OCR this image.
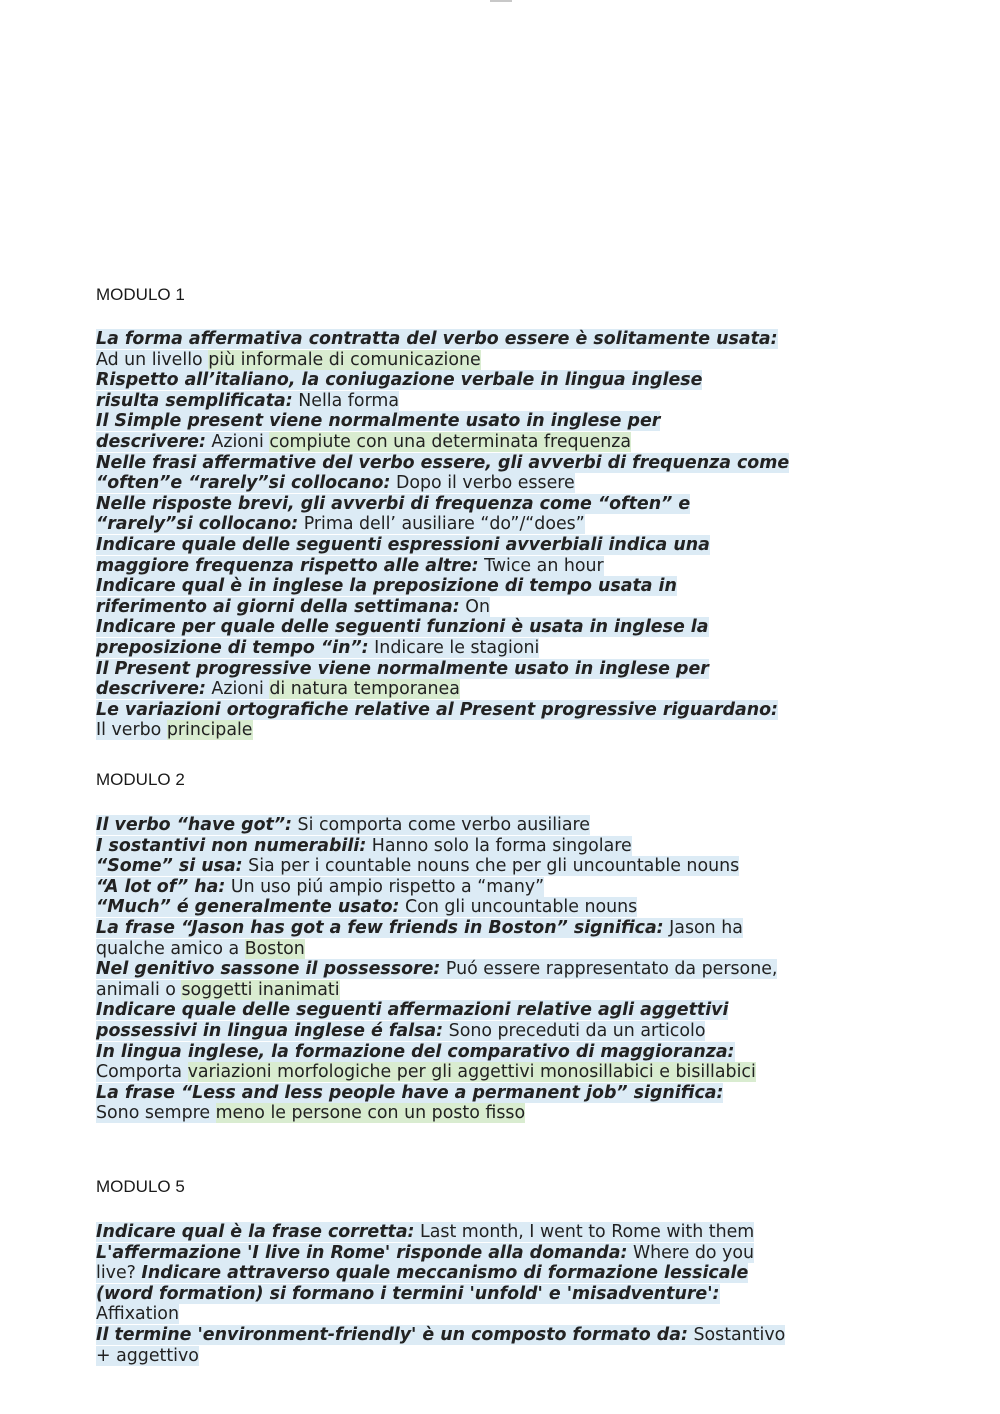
MODULO 1
La forma affermativa contratta del verbo essere è solitamente usata:
Ad un livello più informale di comunicazione
Rispetto all’italiano, la coniugazione verbale in lingua inglese
risulta semplificata: Nella forma
Il Simple present viene normalmente usato in inglese per
descrivere: Azioni compiute con una determinata frequenza
Nelle frasi affermative del verbo essere, gli avverbi di frequenza come
“often”e “rarely”si collocano: Dopo il verbo essere
Nelle risposte brevi, gli avverbi di frequenza come “often” e
“rarely”si collocano: Prima dell’ ausiliare “do”/“does”
Indicare quale delle seguenti espressioni avverbiali indica una
maggiore frequenza rispetto alle altre: Twice an hour
Indicare qual è in inglese la preposizione di tempo usata in
riferimento ai giorni della settimana: On
Indicare per quale delle seguenti funzioni è usata in inglese la
preposizione di tempo “in”: Indicare le stagioni
Il Present progressive viene normalmente usato in inglese per
descrivere: Azioni di natura temporanea
Le variazioni ortografiche relative al Present progressive riguardano:
Il verbo principale
MODULO 2
Il verbo “have got”: Si comporta come verbo ausiliare
I sostantivi non numerabili: Hanno solo la forma singolare
“Some” si usa: Sia per i countable nouns che per gli uncountable nouns
“A lot of” ha: Un uso piú ampio rispetto a “many”
“Much” é generalmente usato: Con gli uncountable nouns
La frase “Jason has got a few friends in Boston” significa: Jason ha
qualche amico a Boston
Nel genitivo sassone il possessore: Puó essere rappresentato da persone,
animali o soggetti inanimati
Indicare quale delle seguenti affermazioni relative agli aggettivi
possessivi in lingua inglese é falsa: Sono preceduti da un articolo
In lingua inglese, la formazione del comparativo di maggioranza:
Comporta variazioni morfologiche per gli aggettivi monosillabici e bisillabici
La frase “Less and less people have a permanent job” significa:
Sono sempre meno le persone con un posto fisso
MODULO 5
Indicare qual è la frase corretta: Last month, I went to Rome with them
L'affermazione 'I live in Rome' risponde alla domanda: Where do you
live? Indicare attraverso quale meccanismo di formazione lessicale
(word formation) si formano i termini 'unfold' e 'misadventure':
Affixation
Il termine 'environment-friendly' è un composto formato da: Sostantivo
+ aggettivo
